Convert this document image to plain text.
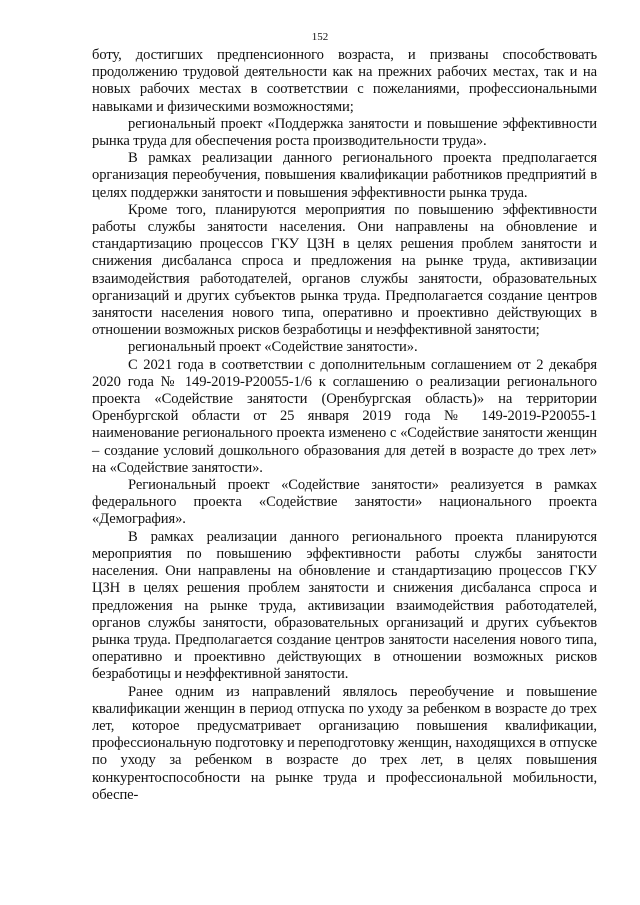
152

боту, достигших предпенсионного возраста, и призваны способствовать продолжению трудовой деятельности как на прежних рабочих местах, так и на новых рабочих местах в соответствии с пожеланиями, профессиональными навыками и физическими возможностями;

региональный проект «Поддержка занятости и повышение эффективности рынка труда для обеспечения роста производительности труда».

В рамках реализации данного регионального проекта предполагается организация переобучения, повышения квалификации работников предприятий в целях поддержки занятости и повышения эффективности рынка труда.

Кроме того, планируются мероприятия по повышению эффективности работы службы занятости населения. Они направлены на обновление и стандартизацию процессов ГКУ ЦЗН в целях решения проблем занятости и снижения дисбаланса спроса и предложения на рынке труда, активизации взаимодействия работодателей, органов службы занятости, образовательных организаций и других субъектов рынка труда. Предполагается создание центров занятости населения нового типа, оперативно и проективно действующих в отношении возможных рисков безработицы и неэффективной занятости;

региональный проект «Содействие занятости».

С 2021 года в соответствии с дополнительным соглашением от 2 декабря 2020 года № 149-2019-P20055-1/6 к соглашению о реализации регионального проекта «Содействие занятости (Оренбургская область)» на территории Оренбургской области от 25 января 2019 года № 149-2019-P20055-1 наименование регионального проекта изменено с «Содействие занятости женщин – создание условий дошкольного образования для детей в возрасте до трех лет» на «Содействие занятости».

Региональный проект «Содействие занятости» реализуется в рамках федерального проекта «Содействие занятости» национального проекта «Демография».

В рамках реализации данного регионального проекта планируются мероприятия по повышению эффективности работы службы занятости населения. Они направлены на обновление и стандартизацию процессов ГКУ ЦЗН в целях решения проблем занятости и снижения дисбаланса спроса и предложения на рынке труда, активизации взаимодействия работодателей, органов службы занятости, образовательных организаций и других субъектов рынка труда. Предполагается создание центров занятости населения нового типа, оперативно и проективно действующих в отношении возможных рисков безработицы и неэффективной занятости.

Ранее одним из направлений являлось переобучение и повышение квалификации женщин в период отпуска по уходу за ребенком в возрасте до трех лет, которое предусматривает организацию повышения квалификации, профессиональную подготовку и переподготовку женщин, находящихся в отпуске по уходу за ребенком в возрасте до трех лет, в целях повышения конкурентоспособности на рынке труда и профессиональной мобильности, обеспе-
